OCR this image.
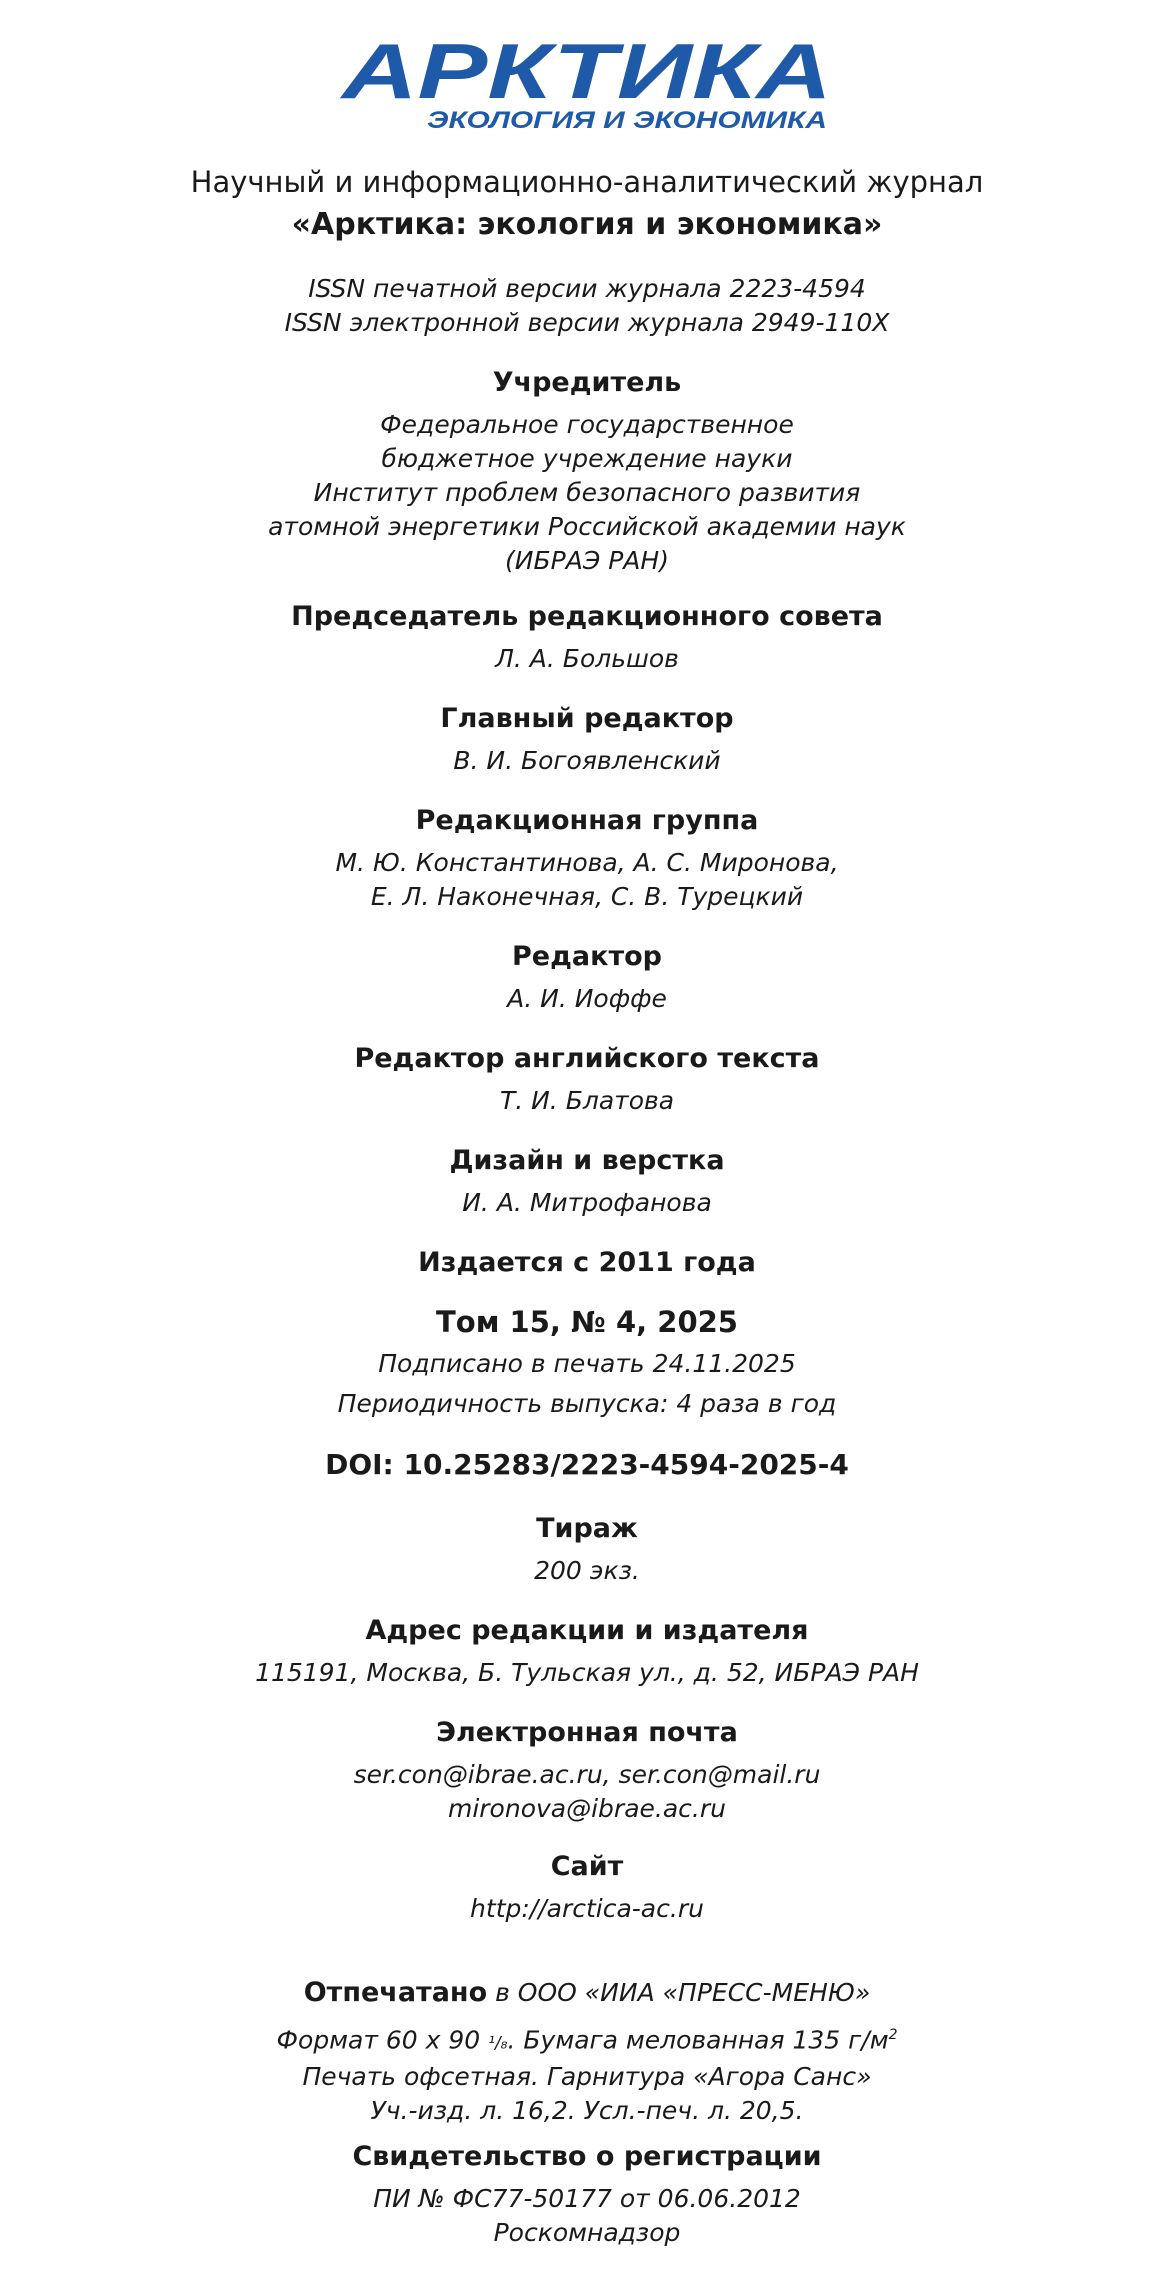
АРКТИКА
ЭКОЛОГИЯ И ЭКОНОМИКА
Научный и информационно-аналитический журнал
«Арктика: экология и экономика»
ISSN печатной версии журнала 2223-4594
ISSN электронной версии журнала 2949-110Х
Учредитель
Федеральное государственное
бюджетное учреждение науки
Институт проблем безопасного развития
атомной энергетики Российской академии наук
(ИБРАЭ РАН)
Председатель редакционного совета
Л. А. Большов
Главный редактор
В. И. Богоявленский
Редакционная группа
М. Ю. Константинова, А. С. Миронова,
Е. Л. Наконечная, С. В. Турецкий
Редактор
А. И. Иоффе
Редактор английского текста
Т. И. Блатова
Дизайн и верстка
И. А. Митрофанова
Издается с 2011 года
Том 15, № 4, 2025
Подписано в печать 24.11.2025
Периодичность выпуска: 4 раза в год
DOI: 10.25283/2223-4594-2025-4
Тираж
200 экз.
Адрес редакции и издателя
115191, Москва, Б. Тульская ул., д. 52, ИБРАЭ РАН
Электронная почта
ser.con@ibrae.ac.ru, ser.con@mail.ru
mironova@ibrae.ac.ru
Сайт
http://arctica-ac.ru
Отпечатано в ООО «ИИА «ПРЕСС-МЕНЮ»
Формат 60 х 90 ¹/₈. Бумага мелованная 135 $г/м^2$
Печать офсетная. Гарнитура «Агора Санс»
Уч.-изд. л. 16,2. Усл.-печ. л. 20,5.
Свидетельство о регистрации
ПИ № ФС77-50177 от 06.06.2012
Роскомнадзор
